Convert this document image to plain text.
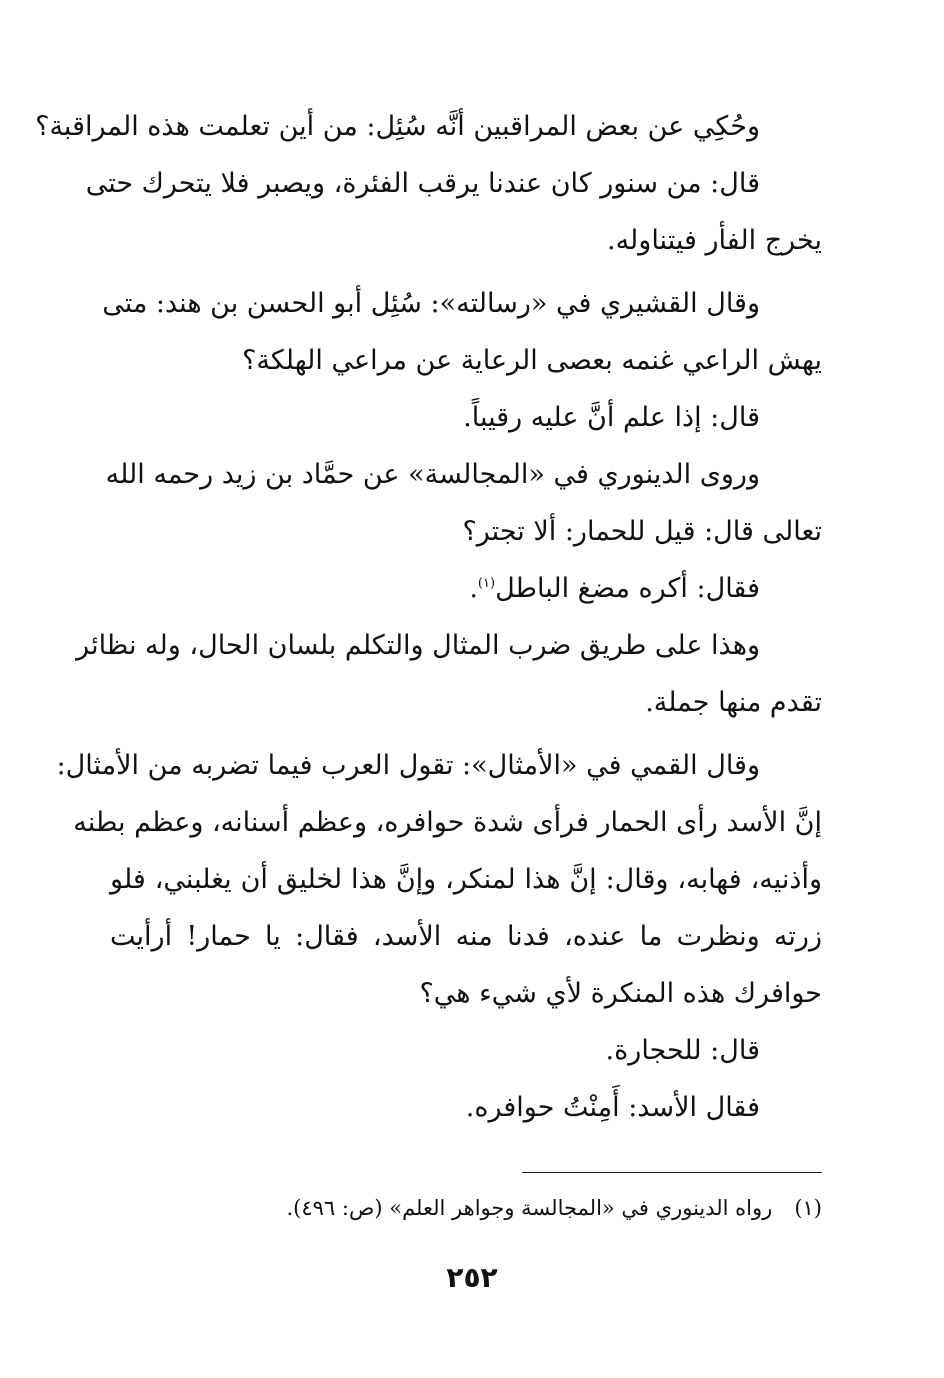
وحُكِي عن بعض المراقبين أنَّه سُئِل: من أين تعلمت هذه المراقبة؟
قال: من سنور كان عندنا يرقب الفئرة، ويصبر فلا يتحرك حتى
يخرج الفأر فيتناوله.
وقال القشيري في «رسالته»: سُئِل أبو الحسن بن هند: متى
يهش الراعي غنمه بعصى الرعاية عن مراعي الهلكة؟
قال: إذا علم أنَّ عليه رقيباً.
وروى الدينوري في «المجالسة» عن حمَّاد بن زيد رحمه الله
تعالى قال: قيل للحمار: ألا تجتر؟
فقال: أكره مضغ الباطل$^{(١)}$.
وهذا على طريق ضرب المثال والتكلم بلسان الحال، وله نظائر
تقدم منها جملة.
وقال القمي في «الأمثال»: تقول العرب فيما تضربه من الأمثال:
إنَّ الأسد رأى الحمار فرأى شدة حوافره، وعظم أسنانه، وعظم بطنه
وأذنيه، فهابه، وقال: إنَّ هذا لمنكر، وإنَّ هذا لخليق أن يغلبني، فلو
زرته ونظرت ما عنده، فدنا منه الأسد، فقال: يا حمار! أرأيت
حوافرك هذه المنكرة لأي شيء هي؟
قال: للحجارة.
فقال الأسد: أَمِنْتُ حوافره.
(١)رواه الدينوري في «المجالسة وجواهر العلم» (ص: ٤٩٦).
٢٥٢
